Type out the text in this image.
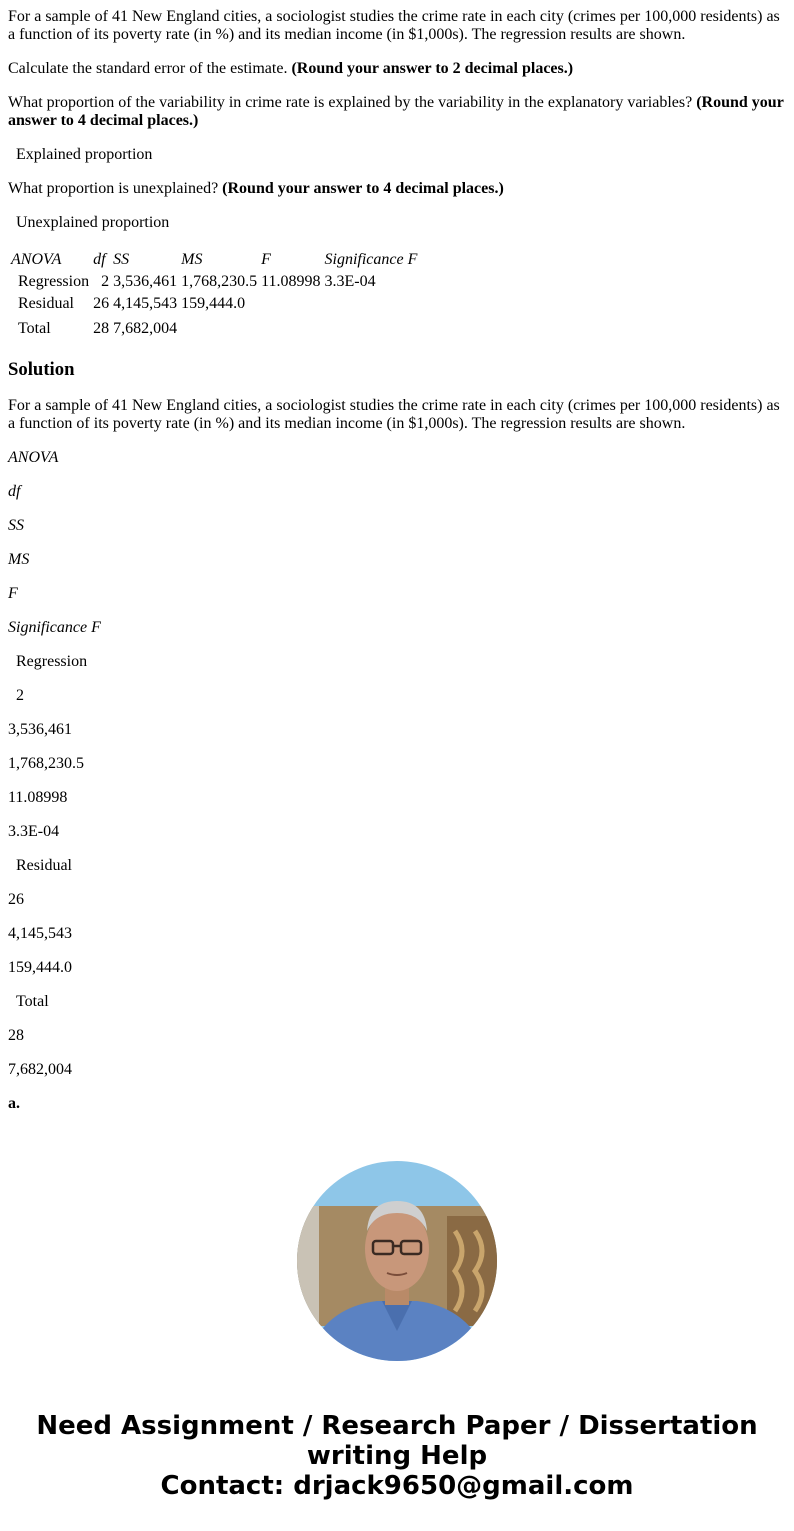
For a sample of 41 New England cities, a sociologist studies the crime rate in each city (crimes per 100,000 residents) as a function of its poverty rate (in %) and its median income (in $1,000s). The regression results are shown.

Calculate the standard error of the estimate. (Round your answer to 2 decimal places.)

What proportion of the variability in crime rate is explained by the variability in the explanatory variables? (Round your answer to 4 decimal places.)

Explained proportion

What proportion is unexplained? (Round your answer to 4 decimal places.)

Unexplained proportion

ANOVA	df	SS	MS	F	Significance F
Regression	2	3,536,461	1,768,230.5	11.08998	3.3E-04
Residual	26	4,145,543	159,444.0		
Total	28	7,682,004			
Solution

For a sample of 41 New England cities, a sociologist studies the crime rate in each city (crimes per 100,000 residents) as a function of its poverty rate (in %) and its median income (in $1,000s). The regression results are shown.

ANOVA

df

SS

MS

F

Significance F

Regression

2

3,536,461

1,768,230.5

11.08998

3.3E-04

Residual

26

4,145,543

159,444.0

Total

28

7,682,004

a.

Need Assignment / Research Paper / Dissertation
writing Help
Contact: drjack9650@gmail.com
